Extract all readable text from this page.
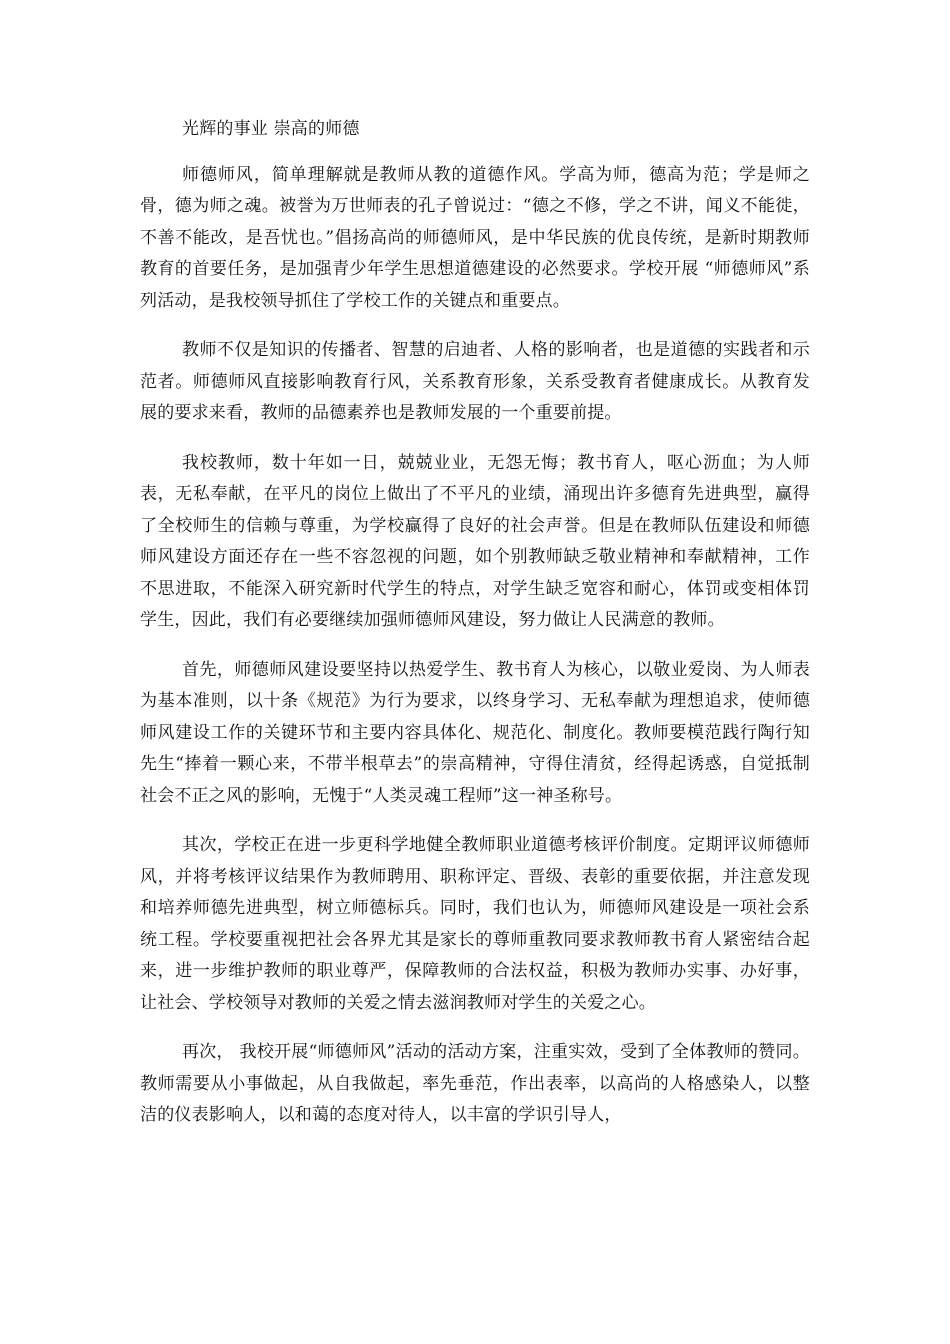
光辉的事业 崇高的师德

师德师风，简单理解就是教师从教的道德作风。学高为师，德高为范；学是师之骨，德为师之魂。被誉为万世师表的孔子曾说过：“德之不修，学之不讲，闻义不能徙，不善不能改，是吾忧也。”倡扬高尚的师德师风，是中华民族的优良传统，是新时期教师教育的首要任务，是加强青少年学生思想道德建设的必然要求。学校开展 “师德师风”系列活动，是我校领导抓住了学校工作的关键点和重要点。

教师不仅是知识的传播者、智慧的启迪者、人格的影响者，也是道德的实践者和示范者。师德师风直接影响教育行风，关系教育形象，关系受教育者健康成长。从教育发展的要求来看，教师的品德素养也是教师发展的一个重要前提。

我校教师，数十年如一日，兢兢业业，无怨无悔；教书育人，呕心沥血；为人师表，无私奉献，在平凡的岗位上做出了不平凡的业绩，涌现出许多德育先进典型，赢得了全校师生的信赖与尊重，为学校赢得了良好的社会声誉。但是在教师队伍建设和师德师风建设方面还存在一些不容忽视的问题，如个别教师缺乏敬业精神和奉献精神，工作不思进取，不能深入研究新时代学生的特点，对学生缺乏宽容和耐心，体罚或变相体罚学生，因此，我们有必要继续加强师德师风建设，努力做让人民满意的教师。

首先，师德师风建设要坚持以热爱学生、教书育人为核心，以敬业爱岗、为人师表为基本准则，以十条《规范》为行为要求，以终身学习、无私奉献为理想追求，使师德师风建设工作的关键环节和主要内容具体化、规范化、制度化。教师要模范践行陶行知先生“捧着一颗心来，不带半根草去”的崇高精神，守得住清贫，经得起诱惑，自觉抵制社会不正之风的影响，无愧于“人类灵魂工程师”这一神圣称号。

其次，学校正在进一步更科学地健全教师职业道德考核评价制度。定期评议师德师风，并将考核评议结果作为教师聘用、职称评定、晋级、表彰的重要依据，并注意发现和培养师德先进典型，树立师德标兵。同时，我们也认为，师德师风建设是一项社会系统工程。学校要重视把社会各界尤其是家长的尊师重教同要求教师教书育人紧密结合起来，进一步维护教师的职业尊严，保障教师的合法权益，积极为教师办实事、办好事，让社会、学校领导对教师的关爱之情去滋润教师对学生的关爱之心。

再次， 我校开展“师德师风”活动的活动方案，注重实效，受到了全体教师的赞同。教师需要从小事做起，从自我做起，率先垂范，作出表率，以高尚的人格感染人，以整洁的仪表影响人，以和蔼的态度对待人，以丰富的学识引导人，
